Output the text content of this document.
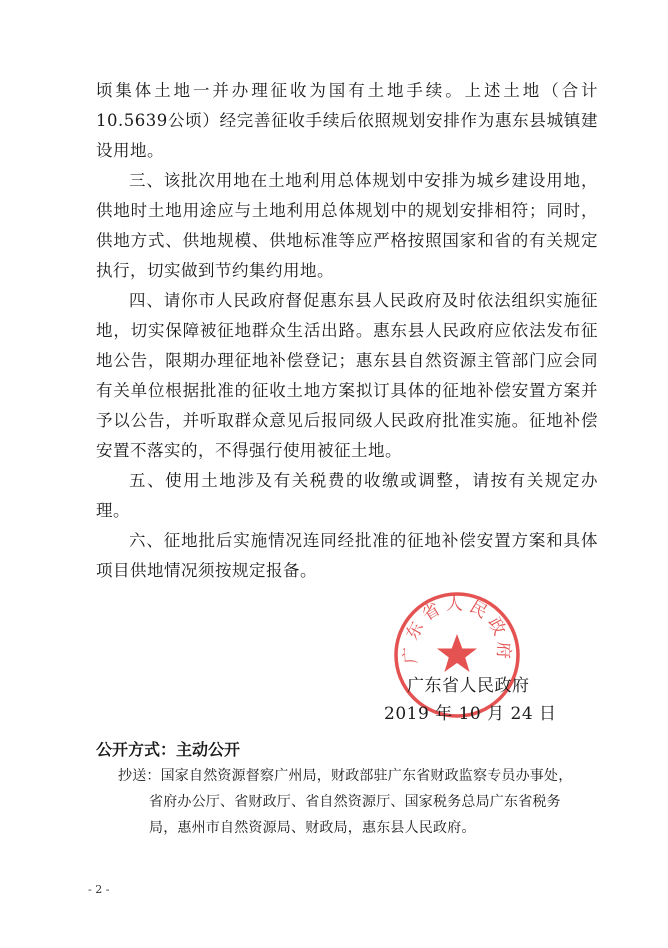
顷集体土地一并办理征收为国有土地手续。上述土地（合计10.5639公顷）经完善征收手续后依照规划安排作为惠东县城镇建设用地。

三、该批次用地在土地利用总体规划中安排为城乡建设用地，供地时土地用途应与土地利用总体规划中的规划安排相符；同时，供地方式、供地规模、供地标准等应严格按照国家和省的有关规定执行，切实做到节约集约用地。

四、请你市人民政府督促惠东县人民政府及时依法组织实施征地，切实保障被征地群众生活出路。惠东县人民政府应依法发布征地公告，限期办理征地补偿登记；惠东县自然资源主管部门应会同有关单位根据批准的征收土地方案拟订具体的征地补偿安置方案并予以公告，并听取群众意见后报同级人民政府批准实施。征地补偿安置不落实的，不得强行使用被征土地。

五、使用土地涉及有关税费的收缴或调整，请按有关规定办理。

六、征地批后实施情况连同经批准的征地补偿安置方案和具体项目供地情况须按规定报备。

广东省人民政府
广东省人民政府
2019 年 10 月 24 日
公开方式：主动公开
抄送：国家自然资源督察广州局，财政部驻广东省财政监察专员办事处，
省府办公厅、省财政厅、省自然资源厅、国家税务总局广东省税务
局，惠州市自然资源局、财政局，惠东县人民政府。
- 2 -
